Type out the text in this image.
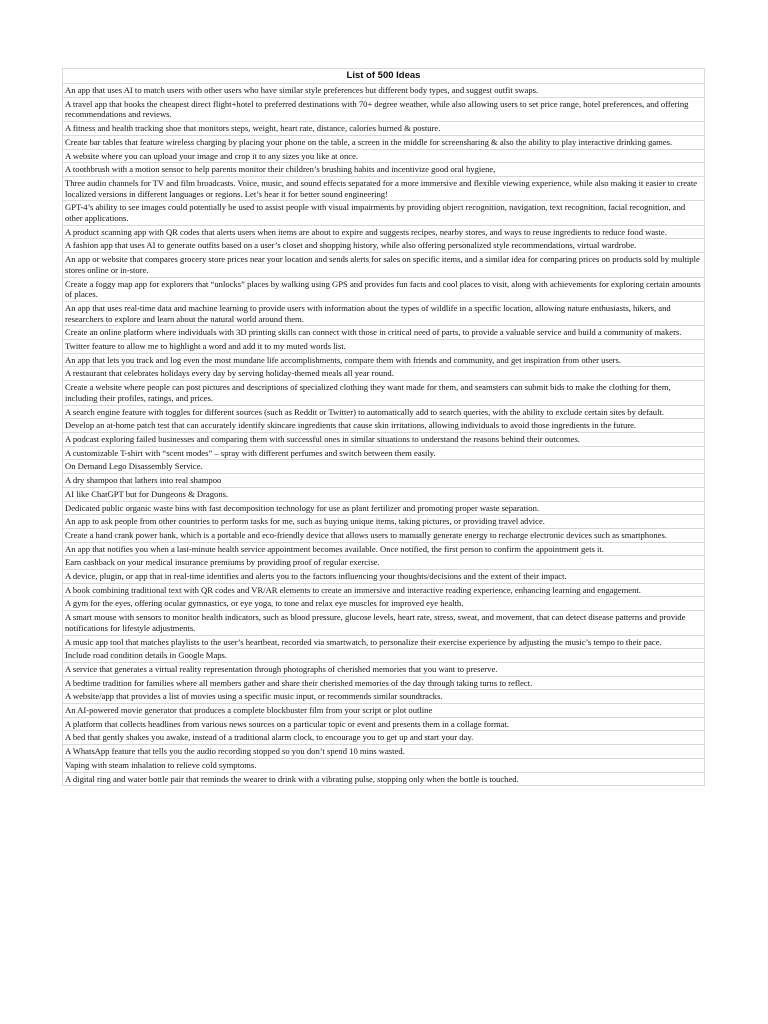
List of 500 Ideas
An app that uses AI to match users with other users who have similar style preferences but different body types, and suggest outfit swaps.
A travel app that books the cheapest direct flight+hotel to preferred destinations with 70+ degree weather, while also allowing users to set price range, hotel preferences, and offering recommendations and reviews.
A fitness and health tracking shoe that monitors steps, weight, heart rate, distance, calories burned & posture.
Create bar tables that feature wireless charging by placing your phone on the table, a screen in the middle for screensharing & also the ability to play interactive drinking games.
A website where you can upload your image and crop it to any sizes you like at once.
A toothbrush with a motion sensor to help parents monitor their children’s brushing habits and incentivize good oral hygiene,
Three audio channels for TV and film broadcasts. Voice, music, and sound effects separated for a more immersive and flexible viewing experience, while also making it easier to create localized versions in different languages or regions. Let’s hear it for better sound engineering!
GPT-4’s ability to see images could potentially be used to assist people with visual impairments by providing object recognition, navigation, text recognition, facial recognition, and other applications.
A product scanning app with QR codes that alerts users when items are about to expire and suggests recipes, nearby stores, and ways to reuse ingredients to reduce food waste.
A fashion app that uses AI to generate outfits based on a user’s closet and shopping history, while also offering personalized style recommendations, virtual wardrobe.
An app or website that compares grocery store prices near your location and sends alerts for sales on specific items, and a similar idea for comparing prices on products sold by multiple stores online or in-store.
Create a foggy map app for explorers that “unlocks” places by walking using GPS and provides fun facts and cool places to visit, along with achievements for exploring certain amounts of places.
An app that uses real-time data and machine learning to provide users with information about the types of wildlife in a specific location, allowing nature enthusiasts, hikers, and researchers to explore and learn about the natural world around them.
Create an online platform where individuals with 3D printing skills can connect with those in critical need of parts, to provide a valuable service and build a community of makers.
Twitter feature to allow me to highlight a word and add it to my muted words list.
An app that lets you track and log even the most mundane life accomplishments, compare them with friends and community, and get inspiration from other users.
A restaurant that celebrates holidays every day by serving holiday-themed meals all year round.
Create a website where people can post pictures and descriptions of specialized clothing they want made for them, and seamsters can submit bids to make the clothing for them, including their profiles, ratings, and prices.
A search engine feature with toggles for different sources (such as Reddit or Twitter) to automatically add to search queries, with the ability to exclude certain sites by default.
Develop an at-home patch test that can accurately identify skincare ingredients that cause skin irritations, allowing individuals to avoid those ingredients in the future.
A podcast exploring failed businesses and comparing them with successful ones in similar situations to understand the reasons behind their outcomes.
A customizable T-shirt with “scent modes” – spray with different perfumes and switch between them easily.
On Demand Lego Disassembly Service.
A dry shampoo that lathers into real shampoo
AI like ChatGPT but for Dungeons & Dragons.
Dedicated public organic waste bins with fast decomposition technology for use as plant fertilizer and promoting proper waste separation.
An app to ask people from other countries to perform tasks for me, such as buying unique items, taking pictures, or providing travel advice.
Create a hand crank power bank, which is a portable and eco-friendly device that allows users to manually generate energy to recharge electronic devices such as smartphones.
An app that notifies you when a last-minute health service appointment becomes available. Once notified, the first person to confirm the appointment gets it.
Earn cashback on your medical insurance premiums by providing proof of regular exercise.
A device, plugin, or app that in real-time identifies and alerts you to the factors influencing your thoughts/decisions and the extent of their impact.
A book combining traditional text with QR codes and VR/AR elements to create an immersive and interactive reading experience, enhancing learning and engagement.
A gym for the eyes, offering ocular gymnastics, or eye yoga, to tone and relax eye muscles for improved eye health.
A smart mouse with sensors to monitor health indicators, such as blood pressure, glucose levels, heart rate, stress, sweat, and movement, that can detect disease patterns and provide notifications for lifestyle adjustments.
A music app tool that matches playlists to the user’s heartbeat, recorded via smartwatch, to personalize their exercise experience by adjusting the music’s tempo to their pace.
Include road condition details in Google Maps.
A service that generates a virtual reality representation through photographs of cherished memories that you want to preserve.
A bedtime tradition for families where all members gather and share their cherished memories of the day through taking turns to reflect.
A website/app that provides a list of movies using a specific music input, or recommends similar soundtracks.
An AI-powered movie generator that produces a complete blockbuster film from your script or plot outline
A platform that collects headlines from various news sources on a particular topic or event and presents them in a collage format.
A bed that gently shakes you awake, instead of a traditional alarm clock, to encourage you to get up and start your day.
A WhatsApp feature that tells you the audio recording stopped so you don’t spend 10 mins wasted.
Vaping with steam inhalation to relieve cold symptoms.
A digital ring and water bottle pair that reminds the wearer to drink with a vibrating pulse, stopping only when the bottle is touched.
